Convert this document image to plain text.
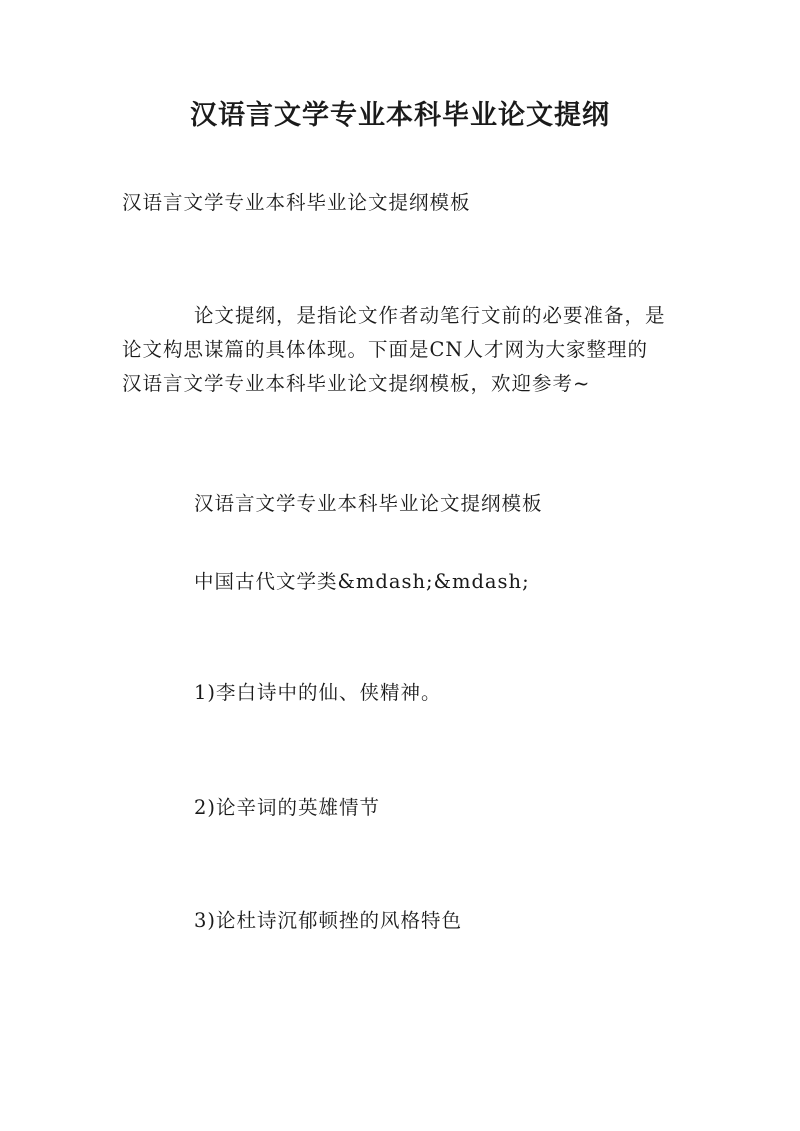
汉语言文学专业本科毕业论文提纲

汉语言文学专业本科毕业论文提纲模板

论文提纲，是指论文作者动笔行文前的必要准备，是
论文构思谋篇的具体体现。下面是CN人才网为大家整理的
汉语言文学专业本科毕业论文提纲模板，欢迎参考~

汉语言文学专业本科毕业论文提纲模板

中国古代文学类&mdash;&mdash;

1)李白诗中的仙、侠精神。

2)论辛词的英雄情节

3)论杜诗沉郁顿挫的风格特色
